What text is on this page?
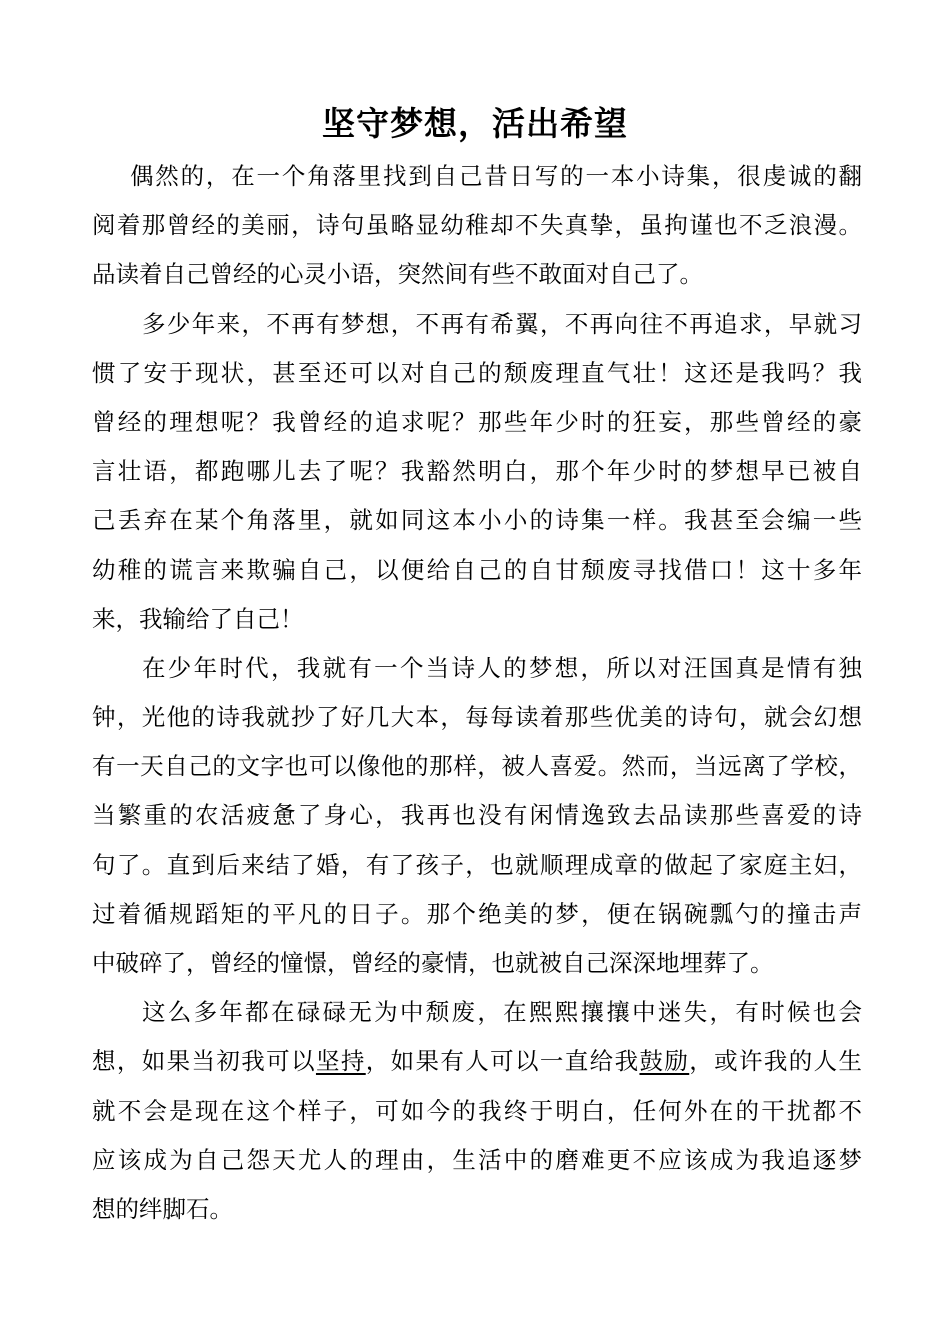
坚守梦想，活出希望
偶然的，在一个角落里找到自己昔日写的一本小诗集，很虔诚的翻
阅着那曾经的美丽，诗句虽略显幼稚却不失真挚，虽拘谨也不乏浪漫。
品读着自己曾经的心灵小语，突然间有些不敢面对自己了。
多少年来，不再有梦想，不再有希翼，不再向往不再追求，早就习
惯了安于现状，甚至还可以对自己的颓废理直气壮！这还是我吗？我
曾经的理想呢？我曾经的追求呢？那些年少时的狂妄，那些曾经的豪
言壮语，都跑哪儿去了呢？我豁然明白，那个年少时的梦想早已被自
己丢弃在某个角落里，就如同这本小小的诗集一样。我甚至会编一些
幼稚的谎言来欺骗自己，以便给自己的自甘颓废寻找借口！这十多年
来，我输给了自己！
在少年时代，我就有一个当诗人的梦想，所以对汪国真是情有独
钟，光他的诗我就抄了好几大本，每每读着那些优美的诗句，就会幻想
有一天自己的文字也可以像他的那样，被人喜爱。然而，当远离了学校，
当繁重的农活疲惫了身心，我再也没有闲情逸致去品读那些喜爱的诗
句了。直到后来结了婚，有了孩子，也就顺理成章的做起了家庭主妇，
过着循规蹈矩的平凡的日子。那个绝美的梦，便在锅碗瓢勺的撞击声
中破碎了，曾经的憧憬，曾经的豪情，也就被自己深深地埋葬了。
这么多年都在碌碌无为中颓废，在熙熙攘攘中迷失，有时候也会
想，如果当初我可以坚持，如果有人可以一直给我鼓励，或许我的人生
就不会是现在这个样子，可如今的我终于明白，任何外在的干扰都不
应该成为自己怨天尤人的理由，生活中的磨难更不应该成为我追逐梦
想的绊脚石。
